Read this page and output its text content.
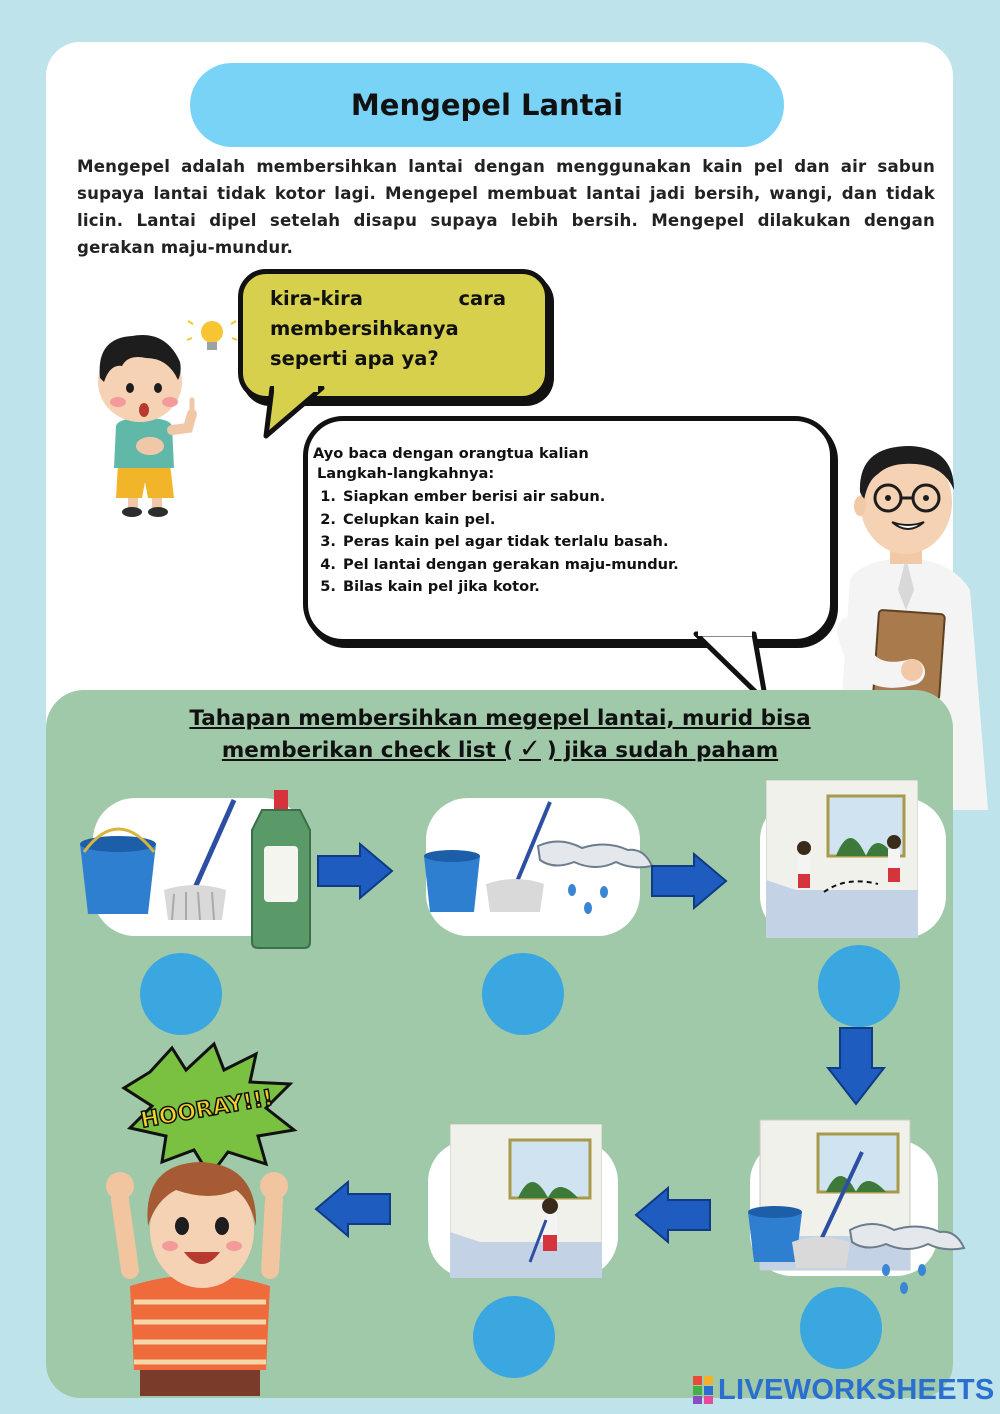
Mengepel Lantai
Mengepel adalah membersihkan lantai dengan menggunakan kain pel dan air sabun supaya lantai tidak kotor lagi. Mengepel membuat lantai jadi bersih, wangi, dan tidak licin. Lantai dipel setelah disapu supaya lebih bersih. Mengepel dilakukan dengan gerakan maju-mundur.
kira-kira	cara
membersihkanya
seperti apa ya?
Ayo baca dengan orangtua kalian
Langkah-langkahnya:
1. Siapkan ember berisi air sabun.
2. Celupkan kain pel.
3. Peras kain pel agar tidak terlalu basah.
4. Pel lantai dengan gerakan maju-mundur.
5. Bilas kain pel jika kotor.
Tahapan membersihkan megepel lantai, murid bisa
memberikan check list ( ✓ ) jika sudah paham
HOORAY!!!
LIVEWORKSHEETS
